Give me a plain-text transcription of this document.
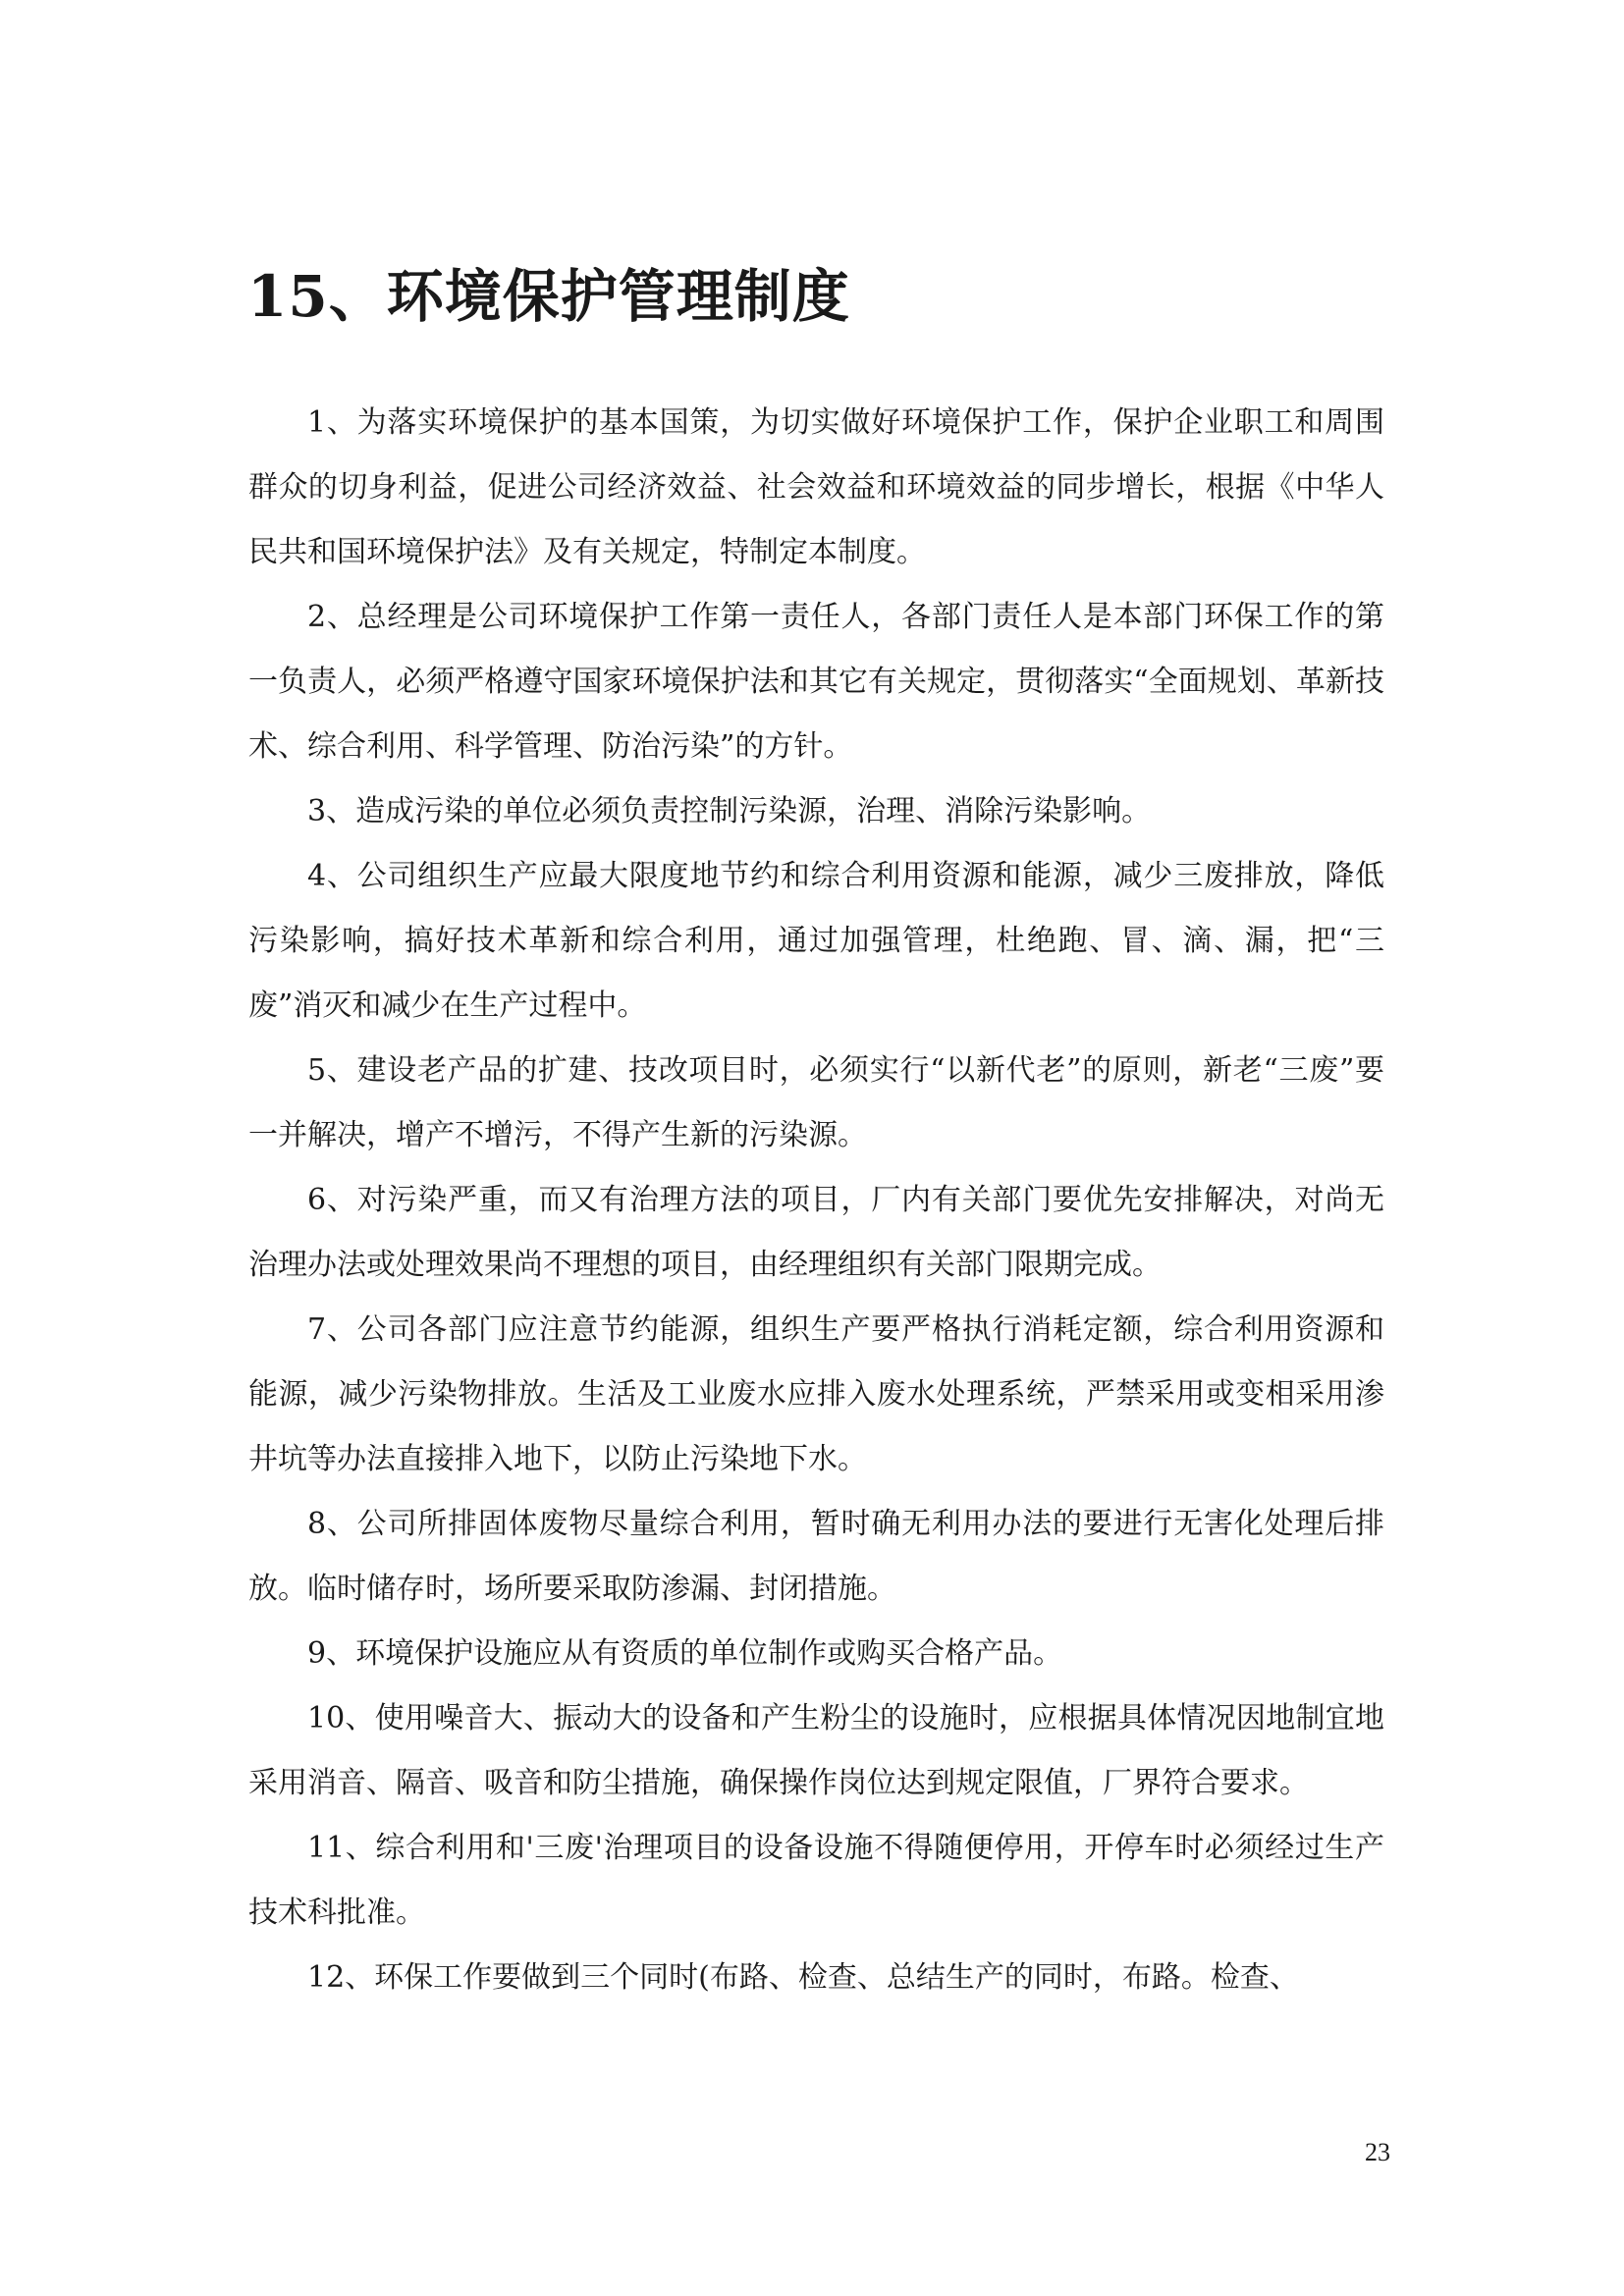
15、环境保护管理制度

1、为落实环境保护的基本国策，为切实做好环境保护工作，保护企业职工和周围群众的切身利益，促进公司经济效益、社会效益和环境效益的同步增长，根据《中华人民共和国环境保护法》及有关规定，特制定本制度。

2、总经理是公司环境保护工作第一责任人，各部门责任人是本部门环保工作的第一负责人，必须严格遵守国家环境保护法和其它有关规定，贯彻落实“全面规划、革新技术、综合利用、科学管理、防治污染”的方针。

3、造成污染的单位必须负责控制污染源，治理、消除污染影响。

4、公司组织生产应最大限度地节约和综合利用资源和能源，减少三废排放，降低污染影响，搞好技术革新和综合利用，通过加强管理，杜绝跑、冒、滴、漏，把“三废”消灭和减少在生产过程中。

5、建设老产品的扩建、技改项目时，必须实行“以新代老”的原则，新老“三废”要一并解决，增产不增污，不得产生新的污染源。

6、对污染严重，而又有治理方法的项目，厂内有关部门要优先安排解决，对尚无治理办法或处理效果尚不理想的项目，由经理组织有关部门限期完成。

7、公司各部门应注意节约能源，组织生产要严格执行消耗定额，综合利用资源和能源，减少污染物排放。生活及工业废水应排入废水处理系统，严禁采用或变相采用渗井坑等办法直接排入地下，以防止污染地下水。

8、公司所排固体废物尽量综合利用，暂时确无利用办法的要进行无害化处理后排放。临时储存时，场所要采取防渗漏、封闭措施。

9、环境保护设施应从有资质的单位制作或购买合格产品。

10、使用噪音大、振动大的设备和产生粉尘的设施时，应根据具体情况因地制宜地采用消音、隔音、吸音和防尘措施，确保操作岗位达到规定限值，厂界符合要求。

11、综合利用和'三废'治理项目的设备设施不得随便停用，开停车时必须经过生产技术科批准。

12、环保工作要做到三个同时(布路、检查、总结生产的同时，布路。检查、

23
